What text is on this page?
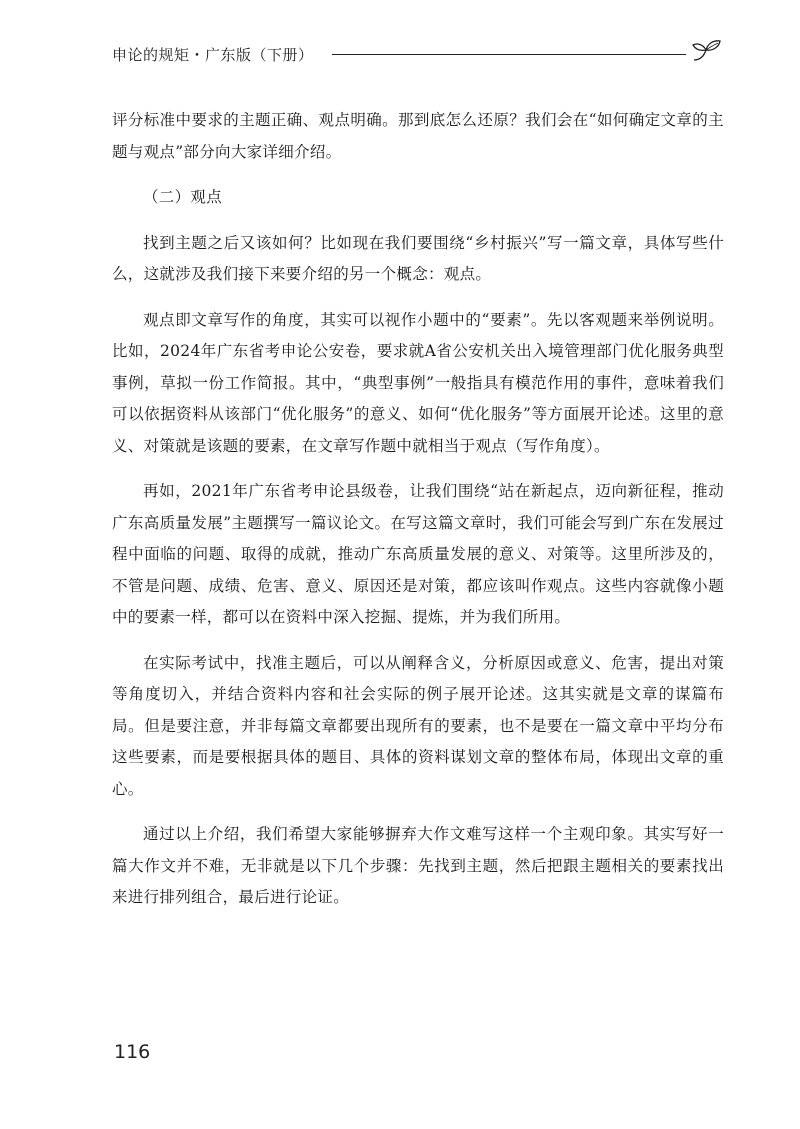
申论的规矩・广东版（下册）

评分标准中要求的主题正确、观点明确。那到底怎么还原？我们会在“如何确定文章的主题与观点”部分向大家详细介绍。

（二）观点

找到主题之后又该如何？比如现在我们要围绕“乡村振兴”写一篇文章，具体写些什么，这就涉及我们接下来要介绍的另一个概念：观点。

观点即文章写作的角度，其实可以视作小题中的“要素”。先以客观题来举例说明。比如，2024年广东省考申论公安卷，要求就A省公安机关出入境管理部门优化服务典型事例，草拟一份工作简报。其中，“典型事例”一般指具有模范作用的事件，意味着我们可以依据资料从该部门“优化服务”的意义、如何“优化服务”等方面展开论述。这里的意义、对策就是该题的要素，在文章写作题中就相当于观点（写作角度）。

再如，2021年广东省考申论县级卷，让我们围绕“站在新起点，迈向新征程，推动广东高质量发展”主题撰写一篇议论文。在写这篇文章时，我们可能会写到广东在发展过程中面临的问题、取得的成就，推动广东高质量发展的意义、对策等。这里所涉及的，不管是问题、成绩、危害、意义、原因还是对策，都应该叫作观点。这些内容就像小题中的要素一样，都可以在资料中深入挖掘、提炼，并为我们所用。

在实际考试中，找准主题后，可以从阐释含义，分析原因或意义、危害，提出对策等角度切入，并结合资料内容和社会实际的例子展开论述。这其实就是文章的谋篇布局。但是要注意，并非每篇文章都要出现所有的要素，也不是要在一篇文章中平均分布这些要素，而是要根据具体的题目、具体的资料谋划文章的整体布局，体现出文章的重心。

通过以上介绍，我们希望大家能够摒弃大作文难写这样一个主观印象。其实写好一篇大作文并不难，无非就是以下几个步骤：先找到主题，然后把跟主题相关的要素找出来进行排列组合，最后进行论证。

116
